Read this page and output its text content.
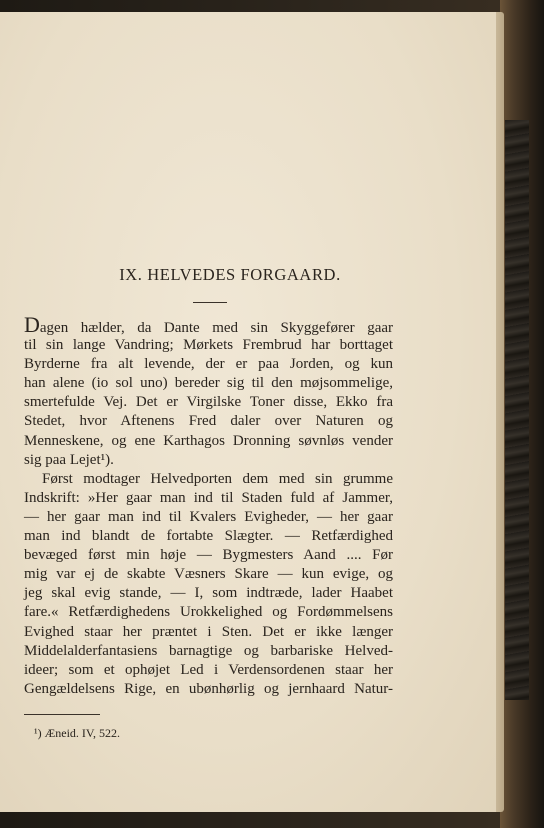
IX. HELVEDES FORGAARD.
Dagen hælder, da Dante med sin Skyggefører gaar
til sin lange Vandring; Mørkets Frembrud har borttaget
Byrderne fra alt levende, der er paa Jorden, og kun
han alene (io sol uno) bereder sig til den møjsommelige,
smertefulde Vej. Det er Virgilske Toner disse, Ekko fra
Stedet, hvor Aftenens Fred daler over Naturen og
Menneskene, og ene Karthagos Dronning søvnløs vender
sig paa Lejet¹).
Først modtager Helvedporten dem med sin grumme
Indskrift: »Her gaar man ind til Staden fuld af Jammer,
— her gaar man ind til Kvalers Evigheder, — her gaar
man ind blandt de fortabte Slægter. — Retfærdighed
bevæged først min høje — Bygmesters Aand .... Før
mig var ej de skabte Væsners Skare — kun evige, og
jeg skal evig stande, — I, som indtræde, lader Haabet
fare.« Retfærdighedens Urokkelighed og Fordømmelsens
Evighed staar her præntet i Sten. Det er ikke længer
Middelalderfantasiens barnagtige og barbariske Helved-
ideer; som et ophøjet Led i Verdensordenen staar her
Gengældelsens Rige, en ubønhørlig og jernhaard Natur-
¹) Æneid. IV, 522.
